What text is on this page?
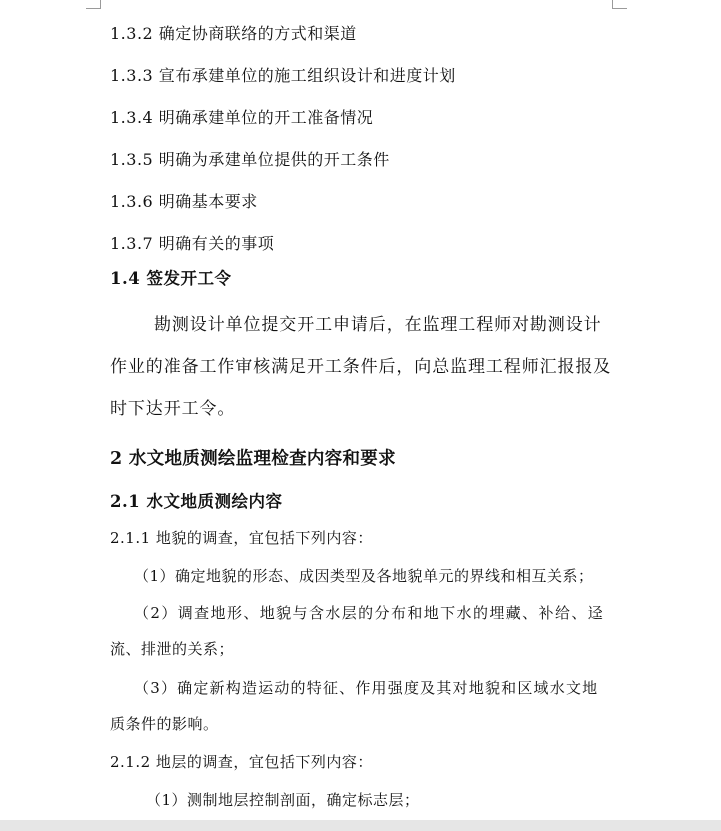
1.3.2 确定协商联络的方式和渠道

1.3.3 宣布承建单位的施工组织设计和进度计划

1.3.4 明确承建单位的开工准备情况

1.3.5 明确为承建单位提供的开工条件

1.3.6 明确基本要求

1.3.7 明确有关的事项

1.4 签发开工令

勘测设计单位提交开工申请后，在监理工程师对勘测设计

作业的准备工作审核满足开工条件后，向总监理工程师汇报报及

时下达开工令。

2 水文地质测绘监理检查内容和要求

2.1 水文地质测绘内容

2.1.1 地貌的调查，宜包括下列内容：

（1）确定地貌的形态、成因类型及各地貌单元的界线和相互关系；

（2）调查地形、地貌与含水层的分布和地下水的埋藏、补给、迳

流、排泄的关系；

（3）确定新构造运动的特征、作用强度及其对地貌和区域水文地

质条件的影响。

2.1.2 地层的调查，宜包括下列内容：

（1）测制地层控制剖面，确定标志层；
